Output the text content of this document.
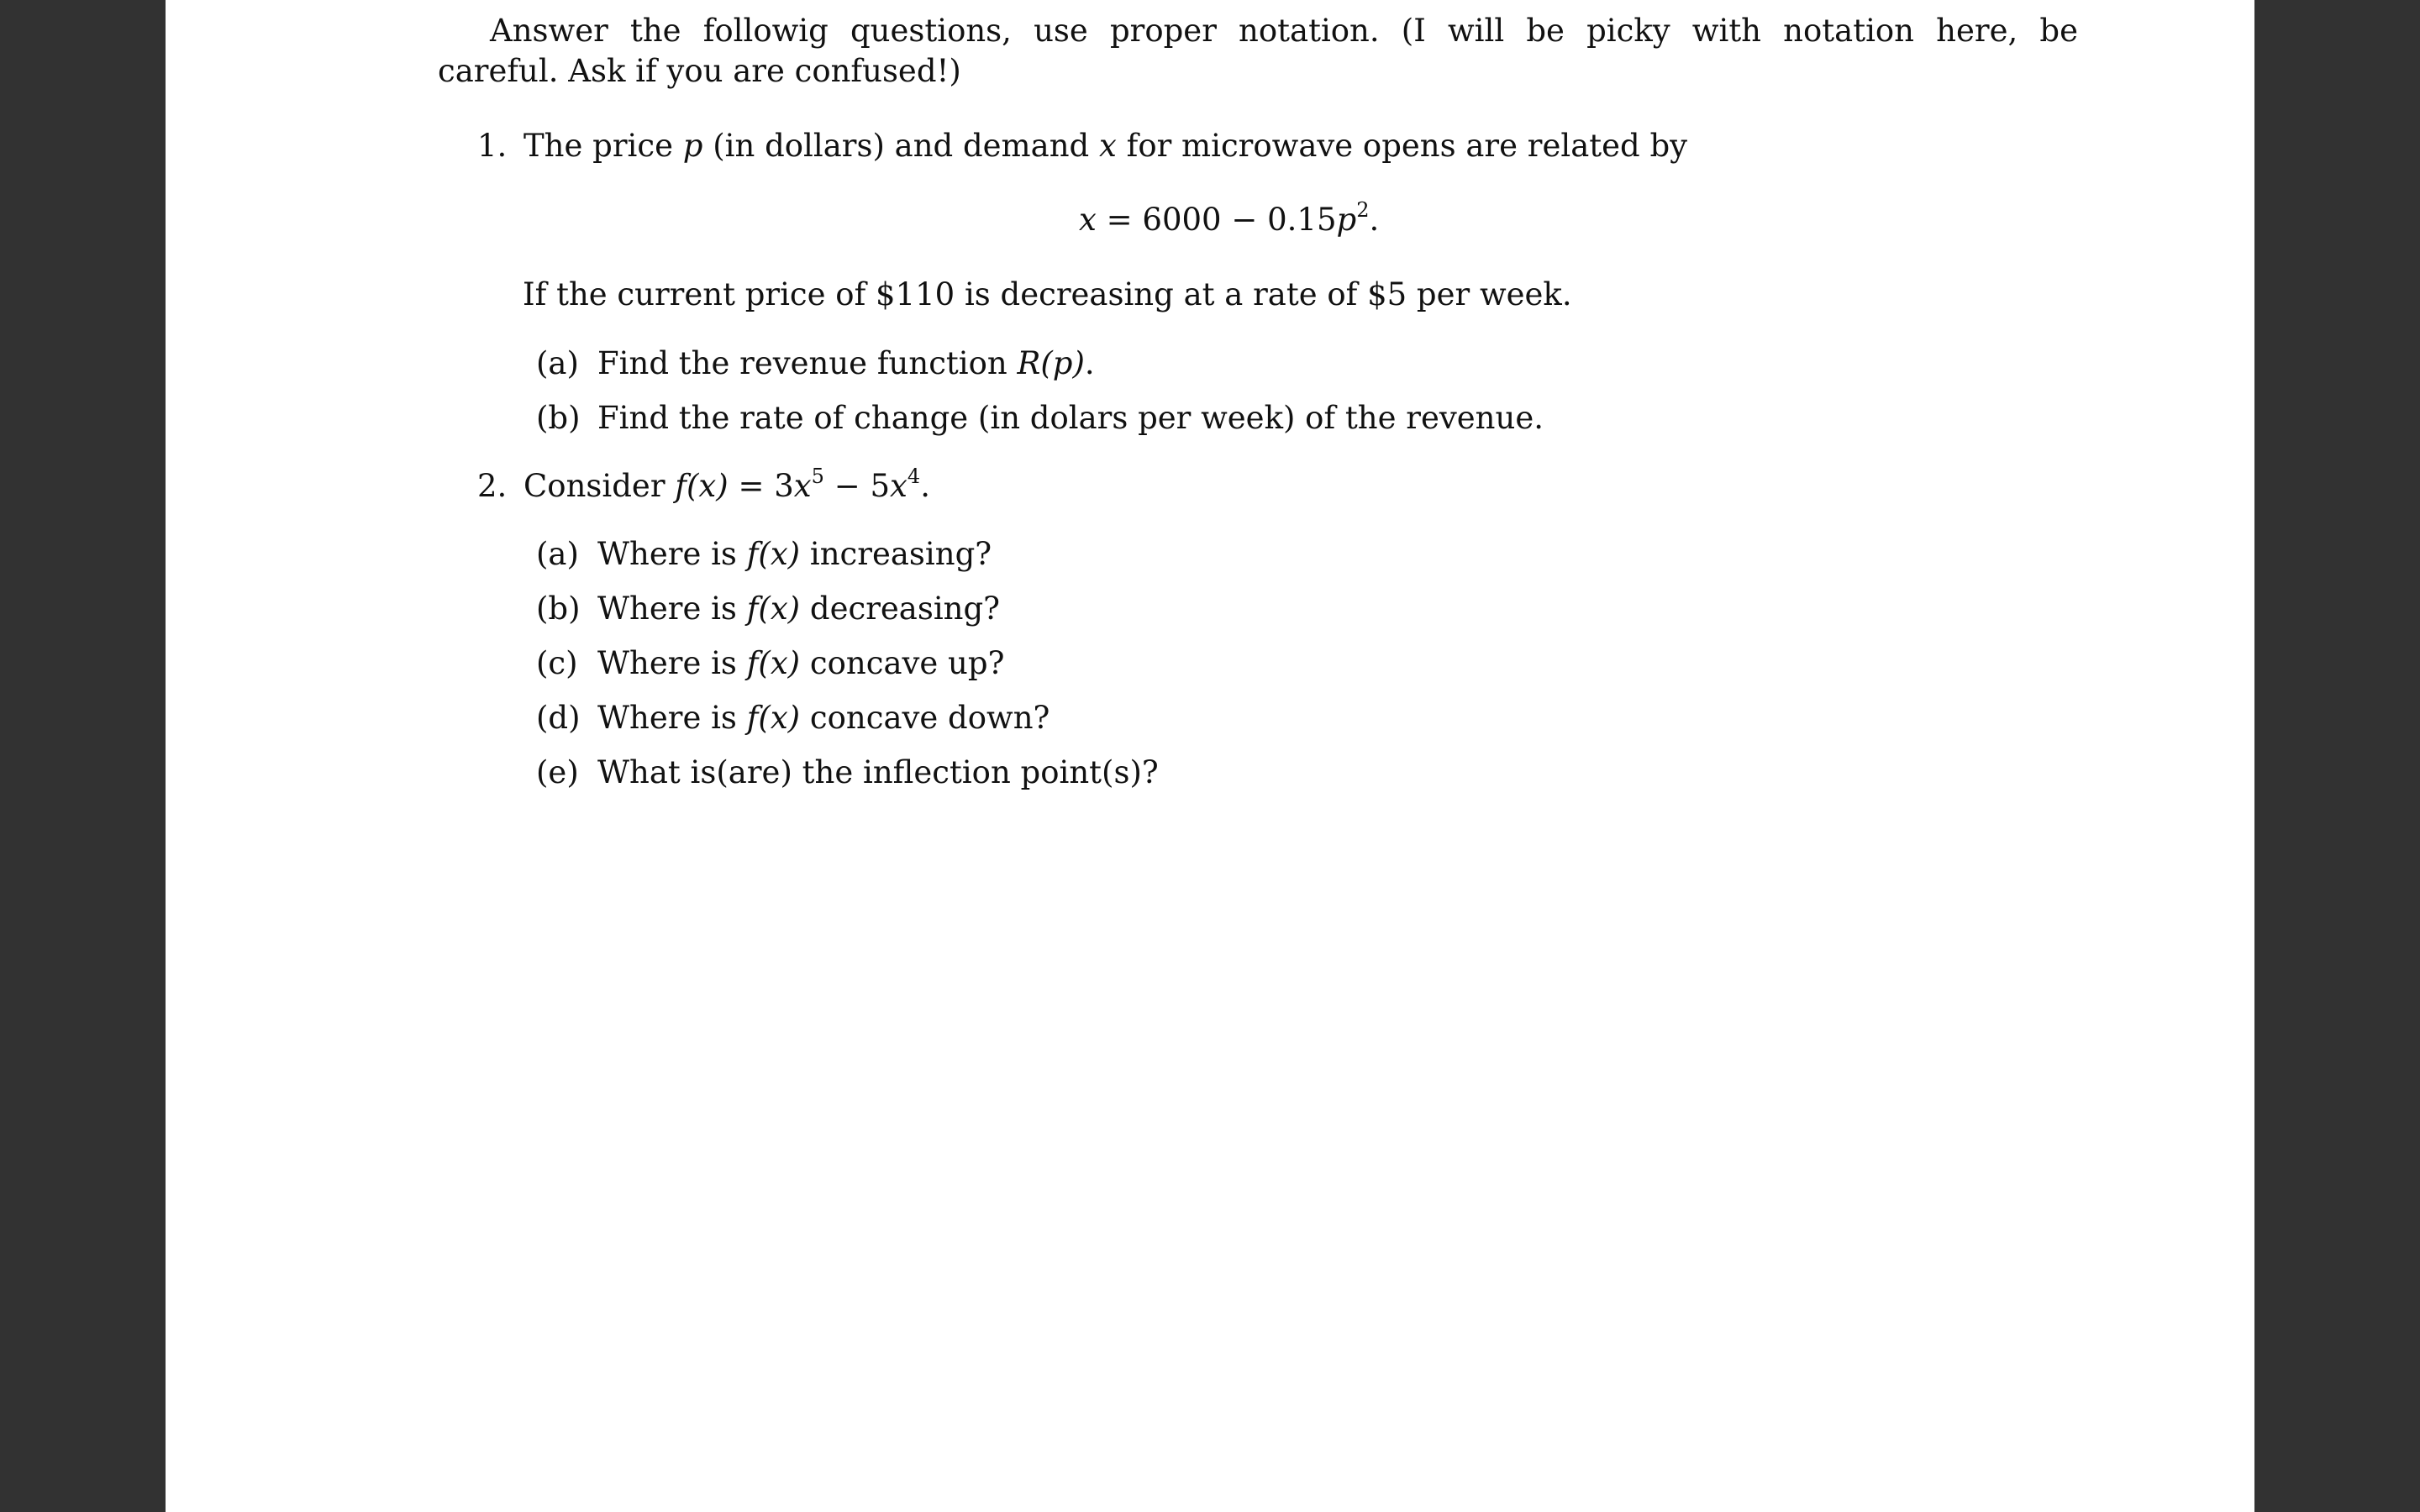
Answer the followig questions, use proper notation. (I will be picky with notation here, be
careful. Ask if you are confused!)
1. The price p (in dollars) and demand x for microwave opens are related by
$x = 6000 - 0.15p^2$.
If the current price of $110 is decreasing at a rate of $5 per week.
(a) Find the revenue function R(p).
(b) Find the rate of change (in dolars per week) of the revenue.
2. Consider $f(x) = 3x^5 - 5x^4$.
(a) Where is f(x) increasing?
(b) Where is f(x) decreasing?
(c) Where is f(x) concave up?
(d) Where is f(x) concave down?
(e) What is(are) the inflection point(s)?
